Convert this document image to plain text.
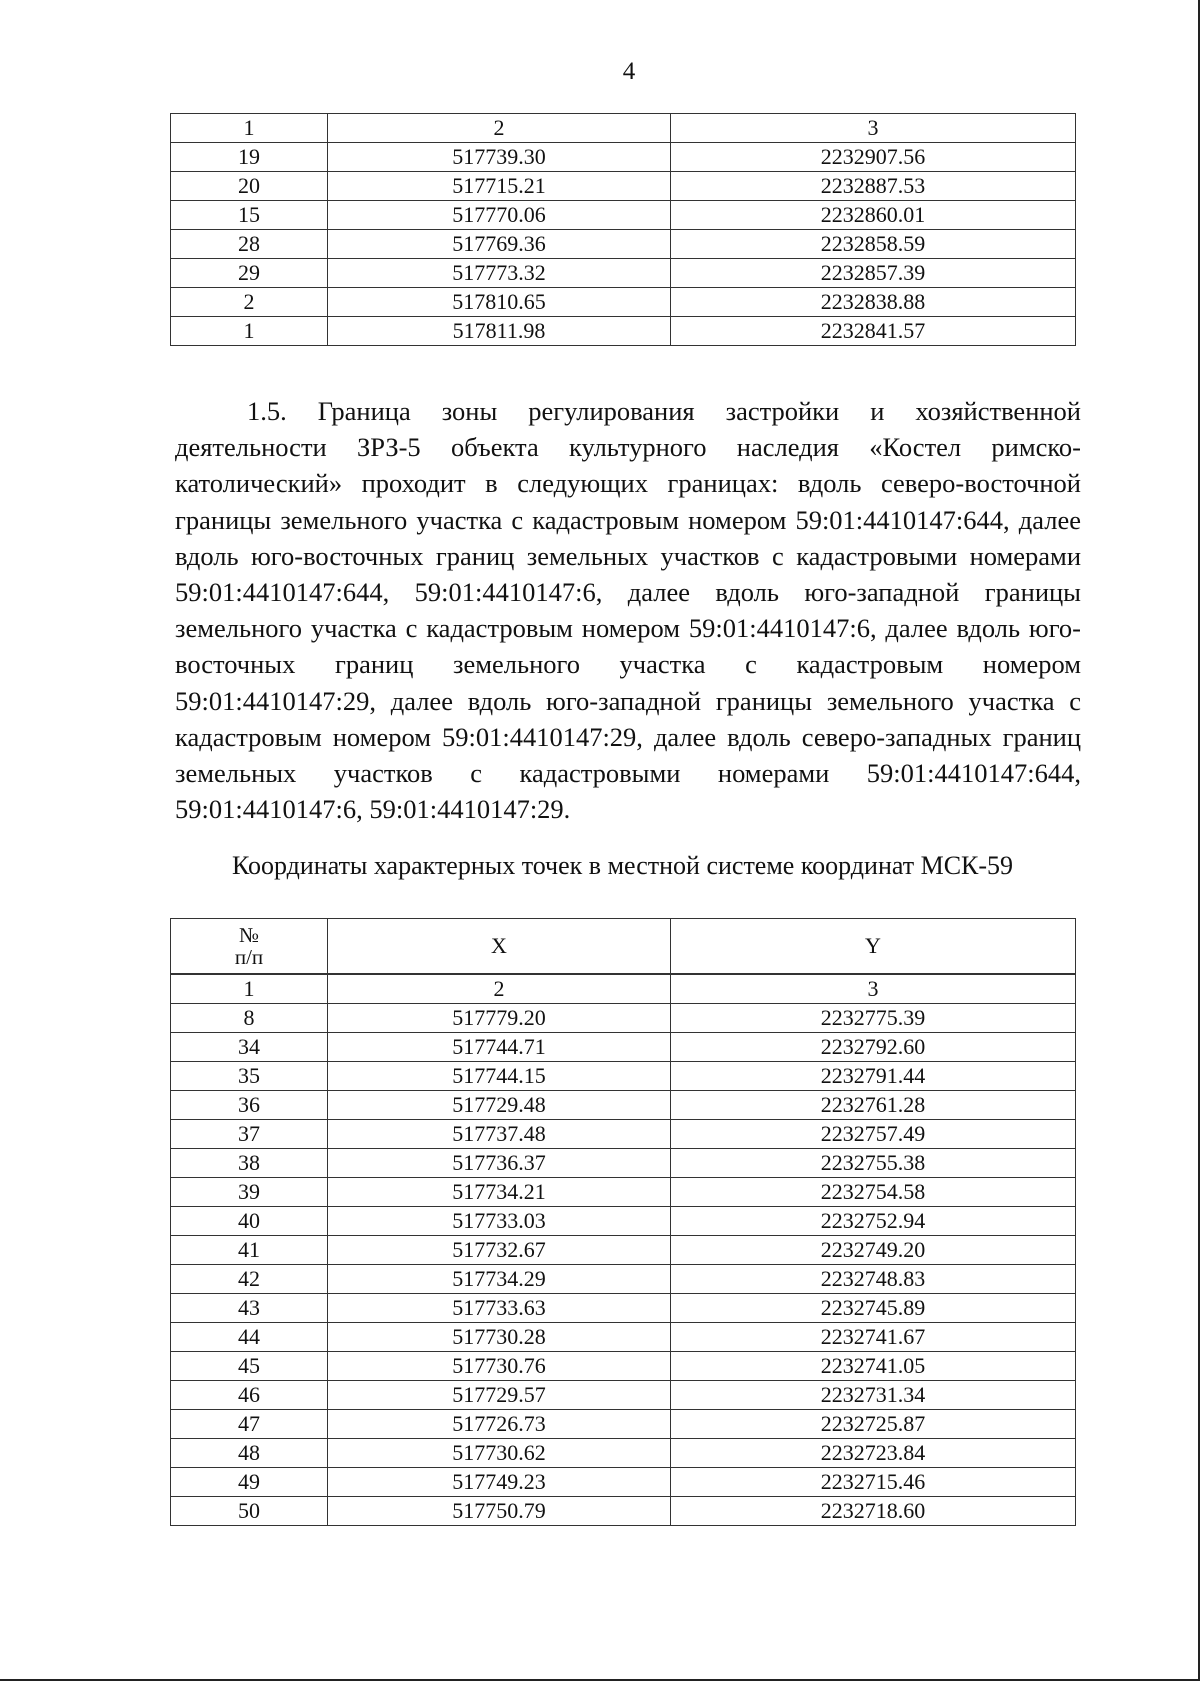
4
1	2	3
19	517739.30	2232907.56
20	517715.21	2232887.53
15	517770.06	2232860.01
28	517769.36	2232858.59
29	517773.32	2232857.39
2	517810.65	2232838.88
1	517811.98	2232841.57

1.5. Граница зоны регулирования застройки и хозяйственной деятельности ЗРЗ-5 объекта культурного наследия «Костел римско-католический» проходит в следующих границах: вдоль северо-восточной границы земельного участка с кадастровым номером 59:01:4410147:644, далее вдоль юго-восточных границ земельных участков с кадастровыми номерами 59:01:4410147:644, 59:01:4410147:6, далее вдоль юго-западной границы земельного участка с кадастровым номером 59:01:4410147:6, далее вдоль юго-восточных границ земельного участка с кадастровым номером 59:01:4410147:29, далее вдоль юго-западной границы земельного участка с кадастровым номером 59:01:4410147:29, далее вдоль северо-западных границ земельных участков с кадастровыми номерами 59:01:4410147:644, 59:01:4410147:6, 59:01:4410147:29.

Координаты характерных точек в местной системе координат МСК-59

№
п/п	X	Y
1	2	3
8	517779.20	2232775.39
34	517744.71	2232792.60
35	517744.15	2232791.44
36	517729.48	2232761.28
37	517737.48	2232757.49
38	517736.37	2232755.38
39	517734.21	2232754.58
40	517733.03	2232752.94
41	517732.67	2232749.20
42	517734.29	2232748.83
43	517733.63	2232745.89
44	517730.28	2232741.67
45	517730.76	2232741.05
46	517729.57	2232731.34
47	517726.73	2232725.87
48	517730.62	2232723.84
49	517749.23	2232715.46
50	517750.79	2232718.60
